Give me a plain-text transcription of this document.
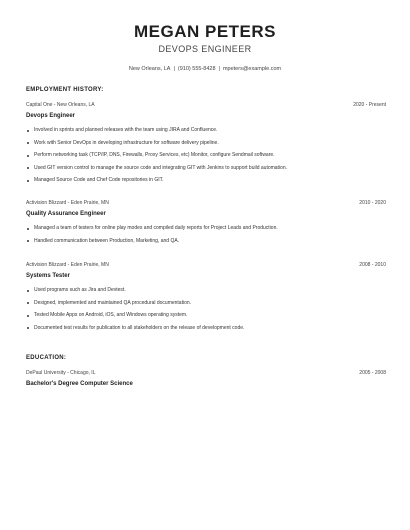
MEGAN PETERS
DEVOPS ENGINEER
New Orleans, LA | (910) 555-8428 | mpeters@example.com
EMPLOYMENT HISTORY:
Capital One - New Orleans, LA	2020 - Present
Devops Engineer
Involved in sprints and planned releases with the team using JIRA and Confluence.
Work with Senior DevOps in developing infrastructure for software delivery pipeline.
Perform networking task (TCP/IP, DNS, Firewalls, Proxy Services, etc) Monitor, configure Sendmail software.
Used GIT version control to manage the source code and integrating GIT with Jenkins to support build automation.
Managed Source Code and Chef Code repositories in GIT.
Activision Blizzard - Eden Prairie, MN	2010 - 2020
Quality Assurance Engineer
Managed a team of testers for online play modes and compiled daily reports for Project Leads and Production.
Handled communication between Production, Marketing, and QA.
Activision Blizzard - Eden Prairie, MN	2008 - 2010
Systems Tester
Used programs such as Jira and Devtest.
Designed, implemented and maintained QA procedural documentation.
Tested Mobile Apps on Android, iOS, and Windows operating system.
Documented test results for publication to all stakeholders on the release of development code.
EDUCATION:
DePaul University - Chicago, IL	2005 - 2008
Bachelor's Degree Computer Science
